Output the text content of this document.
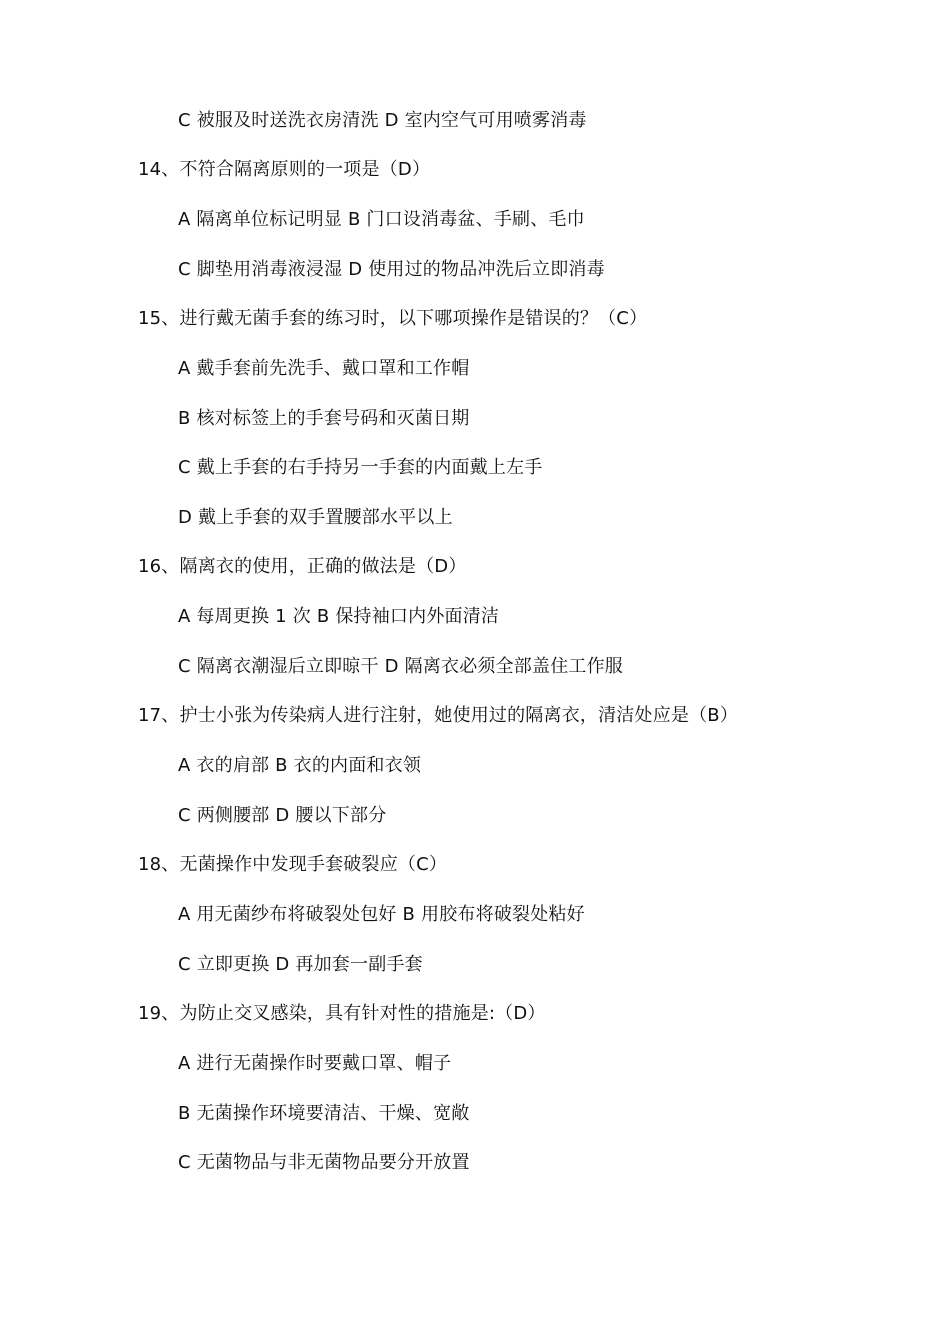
C 被服及时送洗衣房清洗 D 室内空气可用喷雾消毒
14、不符合隔离原则的一项是（D）
A 隔离单位标记明显 B 门口设消毒盆、手刷、毛巾
C 脚垫用消毒液浸湿 D 使用过的物品冲洗后立即消毒
15、进行戴无菌手套的练习时，以下哪项操作是错误的？（C）
A 戴手套前先洗手、戴口罩和工作帽
B 核对标签上的手套号码和灭菌日期
C 戴上手套的右手持另一手套的内面戴上左手
D 戴上手套的双手置腰部水平以上
16、隔离衣的使用，正确的做法是（D）
A 每周更换 1 次 B 保持袖口内外面清洁
C 隔离衣潮湿后立即晾干 D 隔离衣必须全部盖住工作服
17、护士小张为传染病人进行注射，她使用过的隔离衣，清洁处应是（B）
A 衣的肩部 B 衣的内面和衣领
C 两侧腰部 D 腰以下部分
18、无菌操作中发现手套破裂应（C）
A 用无菌纱布将破裂处包好 B 用胶布将破裂处粘好
C 立即更换 D 再加套一副手套
19、为防止交叉感染，具有针对性的措施是:（D）
A 进行无菌操作时要戴口罩、帽子
B 无菌操作环境要清洁、干燥、宽敞
C 无菌物品与非无菌物品要分开放置
